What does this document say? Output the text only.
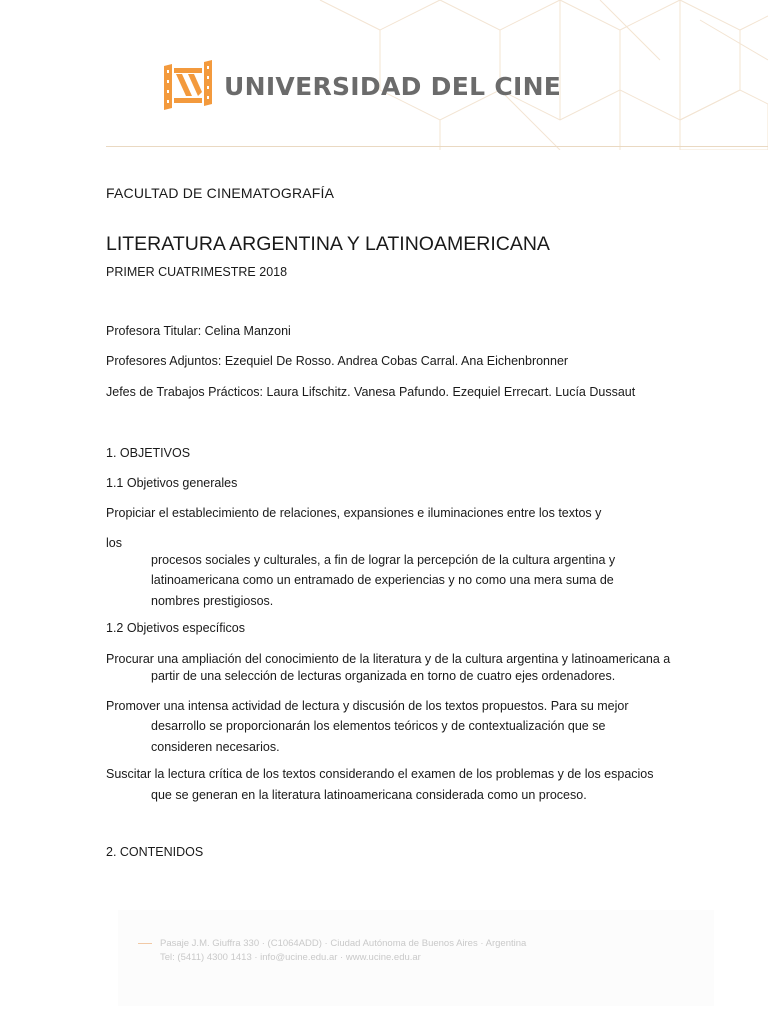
UNIVERSIDAD DEL CINE
FACULTAD DE CINEMATOGRAFÍA
LITERATURA ARGENTINA Y LATINOAMERICANA
PRIMER CUATRIMESTRE 2018
Profesora Titular: Celina Manzoni
Profesores Adjuntos: Ezequiel De Rosso. Andrea Cobas Carral. Ana Eichenbronner
Jefes de Trabajos Prácticos: Laura Lifschitz. Vanesa Pafundo. Ezequiel Errecart. Lucía Dussaut
1. OBJETIVOS
1.1 Objetivos generales
Propiciar el establecimiento de relaciones, expansiones e iluminaciones entre los textos y
los
procesos sociales y culturales, a fin de lograr la percepción de la cultura argentina y
latinoamericana como un entramado de experiencias y no como una mera suma de
nombres prestigiosos.
1.2 Objetivos específicos
Procurar una ampliación del conocimiento de la literatura y de la cultura argentina y latinoamericana a
partir de una selección de lecturas organizada en torno de cuatro ejes ordenadores.
Promover una intensa actividad de lectura y discusión de los textos propuestos. Para su mejor
desarrollo se proporcionarán los elementos teóricos y de contextualización que se
consideren necesarios.
Suscitar la lectura crítica de los textos considerando el examen de los problemas y de los espacios
que se generan en la literatura latinoamericana considerada como un proceso.
2. CONTENIDOS
Pasaje J.M. Giuffra 330 · (C1064ADD) · Ciudad Autónoma de Buenos Aires · Argentina
Tel: (5411) 4300 1413 · info@ucine.edu.ar · www.ucine.edu.ar
